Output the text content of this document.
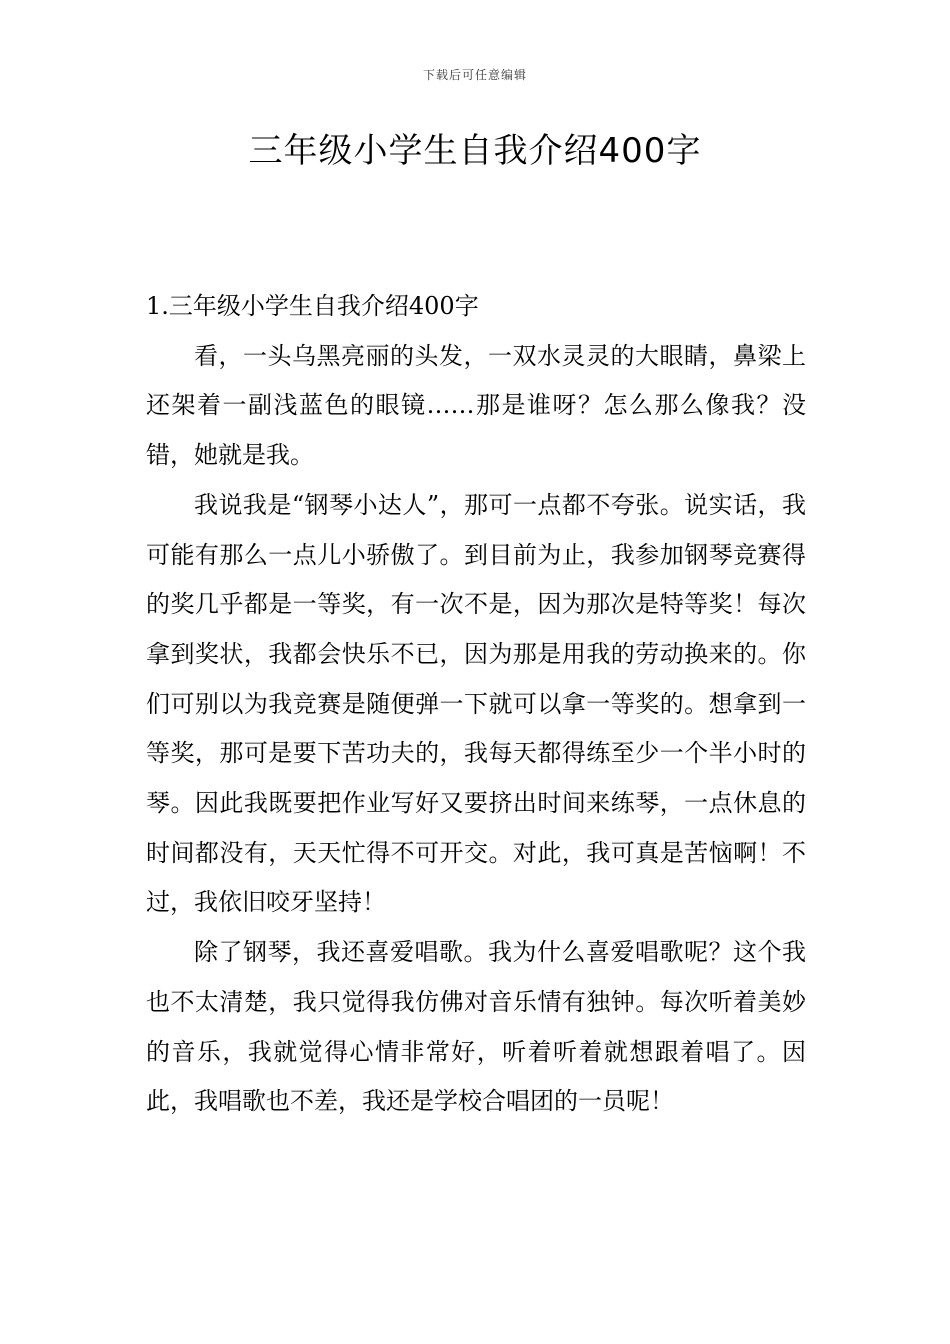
下载后可任意编辑
三年级小学生自我介绍400字

1.三年级小学生自我介绍400字

看，一头乌黑亮丽的头发，一双水灵灵的大眼睛，鼻梁上还架着一副浅蓝色的眼镜……那是谁呀？怎么那么像我？没错，她就是我。

我说我是“钢琴小达人”，那可一点都不夸张。说实话，我可能有那么一点儿小骄傲了。到目前为止，我参加钢琴竞赛得的奖几乎都是一等奖，有一次不是，因为那次是特等奖！每次拿到奖状，我都会快乐不已，因为那是用我的劳动换来的。你们可别以为我竞赛是随便弹一下就可以拿一等奖的。想拿到一等奖，那可是要下苦功夫的，我每天都得练至少一个半小时的琴。因此我既要把作业写好又要挤出时间来练琴，一点休息的时间都没有，天天忙得不可开交。对此，我可真是苦恼啊！不过，我依旧咬牙坚持！

除了钢琴，我还喜爱唱歌。我为什么喜爱唱歌呢？这个我也不太清楚，我只觉得我仿佛对音乐情有独钟。每次听着美妙的音乐，我就觉得心情非常好，听着听着就想跟着唱了。因此，我唱歌也不差，我还是学校合唱团的一员呢！
